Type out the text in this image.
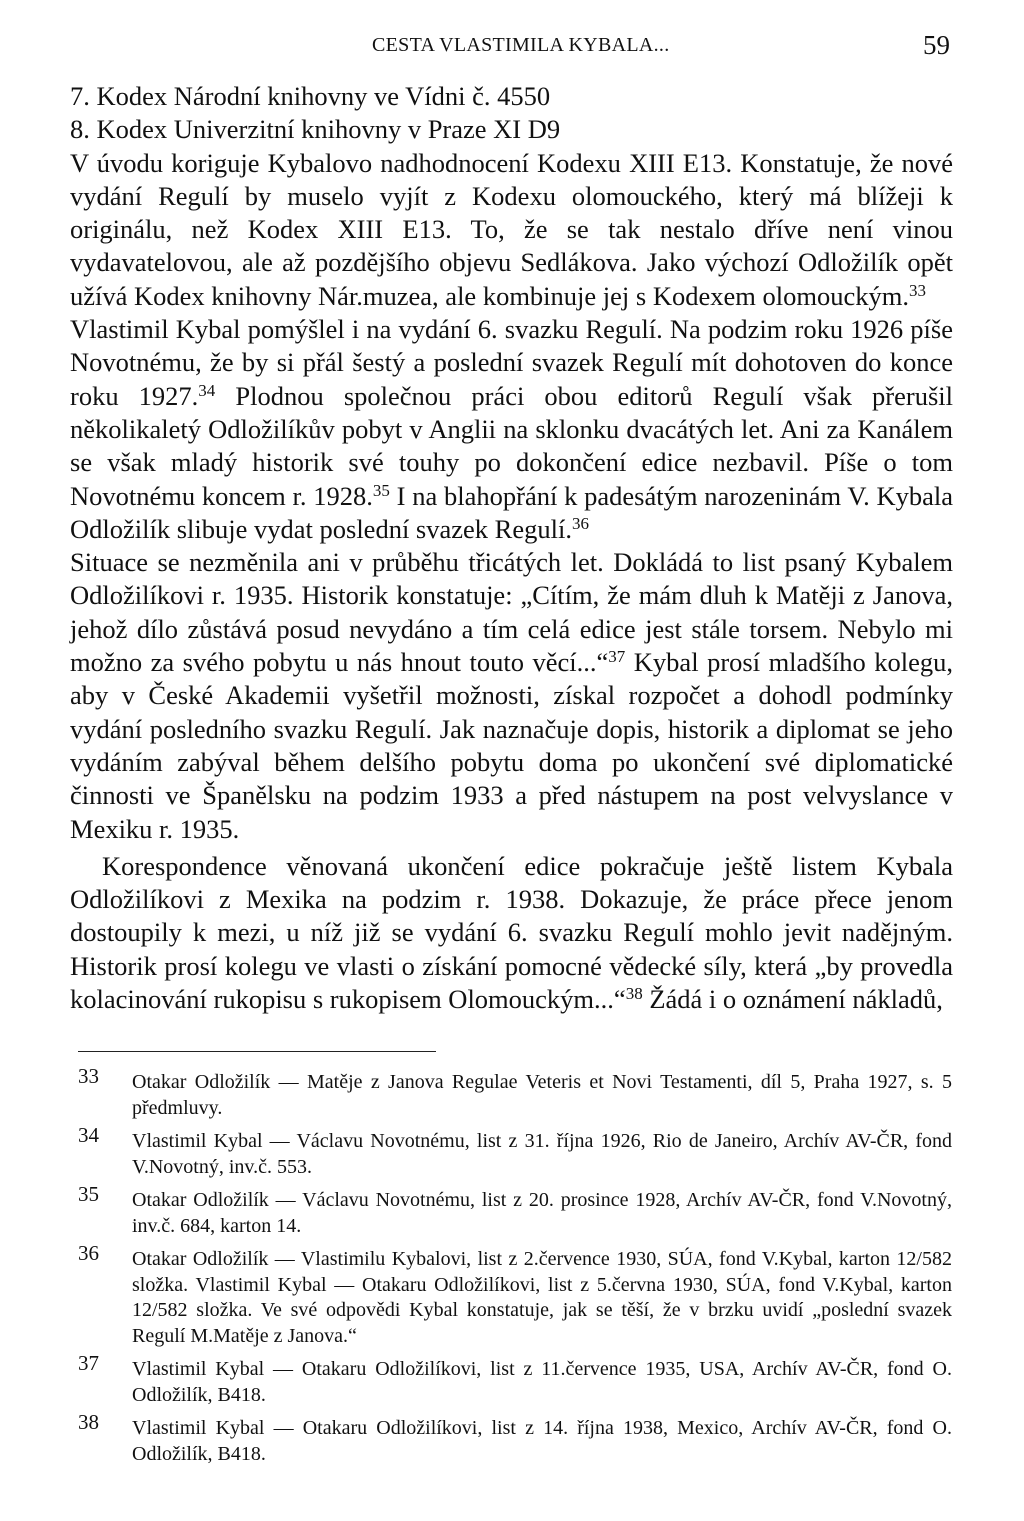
CESTA VLASTIMILA KYBALA...	59

7. Kodex Národní knihovny ve Vídni č. 4550

8. Kodex Univerzitní knihovny v Praze XI D9

V úvodu koriguje Kybalovo nadhodnocení Kodexu XIII E13. Konstatuje, že nové vydání Regulí by muselo vyjít z Kodexu olomouckého, který má blížeji k originálu, než Kodex XIII E13. To, že se tak nestalo dříve není vinou vydavatelovou, ale až pozdějšího objevu Sedlákova. Jako výchozí Odložilík opět užívá Kodex knihovny Nár.muzea, ale kombinuje jej s Kodexem olomouckým.$^{33}$

Vlastimil Kybal pomýšlel i na vydání 6. svazku Regulí. Na podzim roku 1926 píše Novotnému, že by si přál šestý a poslední svazek Regulí mít dohotoven do konce roku 1927.34 Plodnou společnou práci obou editorů Regulí však přerušil několikaletý Odložilíkův pobyt v Anglii na sklonku dvacátých let. Ani za Kanálem se však mladý historik své touhy po dokončení edice nezbavil. Píše o tom Novotnému koncem r. 1928.35 I na blahopřání k padesátým narozeninám V. Kybala Odložilík slibuje vydat poslední svazek Regulí.$^{36}$

Situace se nezměnila ani v průběhu třicátých let. Dokládá to list psaný Kybalem Odložilíkovi r. 1935. Historik konstatuje: „Cítím, že mám dluh k Matěji z Janova, jehož dílo zůstává posud nevydáno a tím celá edice jest stále torsem. Nebylo mi možno za svého pobytu u nás hnout touto věcí...“$^{37}$ Kybal prosí mladšího kolegu, aby v České Akademii vyšetřil možnosti, získal rozpočet a dohodl podmínky vydání posledního svazku Regulí. Jak naznačuje dopis, historik a diplomat se jeho vydáním zabýval během delšího pobytu doma po ukončení své diplomatické činnosti ve Španělsku na podzim 1933 a před nástupem na post velvyslance v Mexiku r. 1935.

Korespondence věnovaná ukončení edice pokračuje ještě listem Kybala Odložilíkovi z Mexika na podzim r. 1938. Dokazuje, že práce přece jenom dostoupily k mezi, u níž již se vydání 6. svazku Regulí mohlo jevit nadějným. Historik prosí kolegu ve vlasti o získání pomocné vědecké síly, která „by provedla kolacinování rukopisu s rukopisem Olomouckým...“$^{38}$ Žádá i o oznámení nákladů,

33 Otakar Odložilík — Matěje z Janova Regulae Veteris et Novi Testamenti, díl 5, Praha 1927, s. 5 předmluvy.
34 Vlastimil Kybal — Václavu Novotnému, list z 31. října 1926, Rio de Janeiro, Archív AV-ČR, fond V.Novotný, inv.č. 553.
35 Otakar Odložilík — Václavu Novotnému, list z 20. prosince 1928, Archív AV-ČR, fond V.Novotný, inv.č. 684, karton 14.
36 Otakar Odložilík — Vlastimilu Kybalovi, list z 2.července 1930, SÚA, fond V.Kybal, karton 12/582 složka. Vlastimil Kybal — Otakaru Odložilíkovi, list z 5.června 1930, SÚA, fond V.Kybal, karton 12/582 složka. Ve své odpovědi Kybal konstatuje, jak se těší, že v brzku uvidí „poslední svazek Regulí M.Matěje z Janova.“
37 Vlastimil Kybal — Otakaru Odložilíkovi, list z 11.července 1935, USA, Archív AV-ČR, fond O. Odložilík, B418.
38 Vlastimil Kybal — Otakaru Odložilíkovi, list z 14. října 1938, Mexico, Archív AV-ČR, fond O. Odložilík, B418.
